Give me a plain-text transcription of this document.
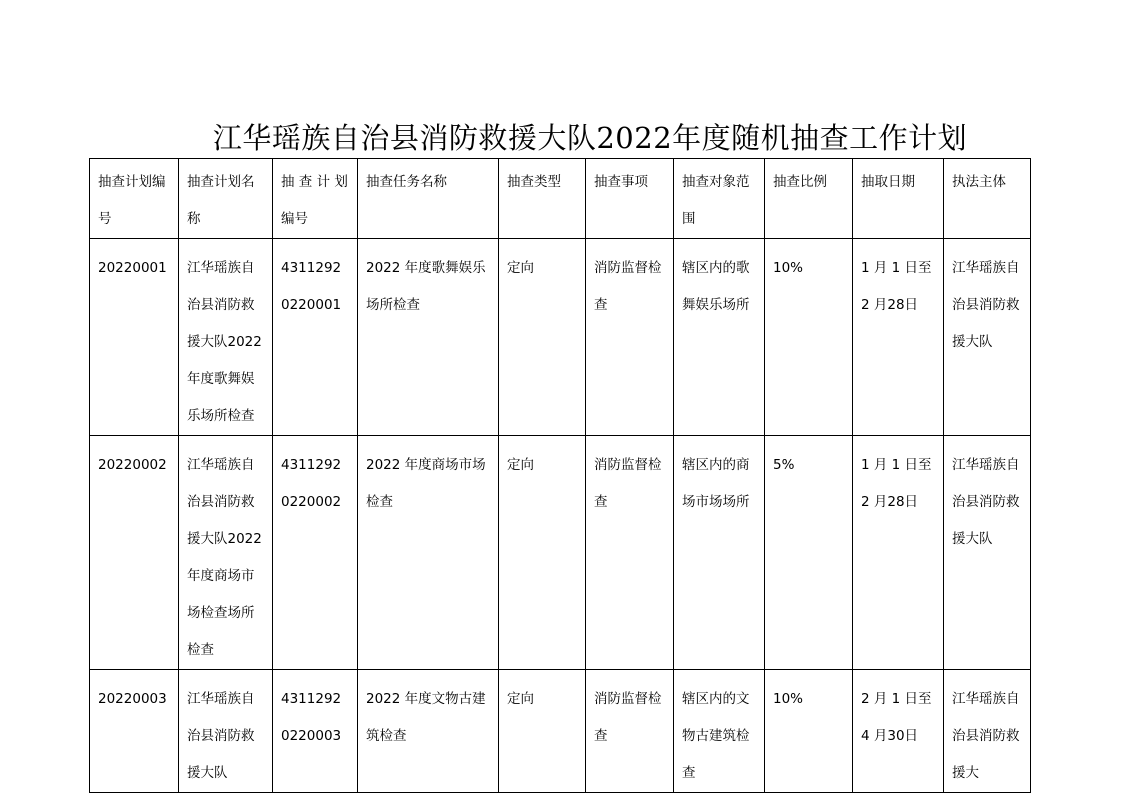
江华瑶族自治县消防救援大队2022年度随机抽查工作计划
抽查计划编号	抽查计划名称	抽 查 计 划编号	抽查任务名称	抽查类型	抽查事项	抽查对象范围	抽查比例	抽取日期	执法主体
20220001	江华瑶族自治县消防救援大队2022 年度歌舞娱乐场所检查	43112920220001	2022 年度歌舞娱乐场所检查	定向	消防监督检查	辖区内的歌舞娱乐场所	10%	1 月 1 日至 2 月28日	江华瑶族自治县消防救援大队
20220002	江华瑶族自治县消防救援大队2022 年度商场市场检查场所检查	43112920220002	2022 年度商场市场检查	定向	消防监督检查	辖区内的商场市场场所	5%	1 月 1 日至 2 月28日	江华瑶族自治县消防救援大队
20220003	江华瑶族自治县消防救援大队	43112920220003	2022 年度文物古建筑检查	定向	消防监督检查	辖区内的文物古建筑检查	10%	2 月 1 日至 4 月30日	江华瑶族自治县消防救援大
